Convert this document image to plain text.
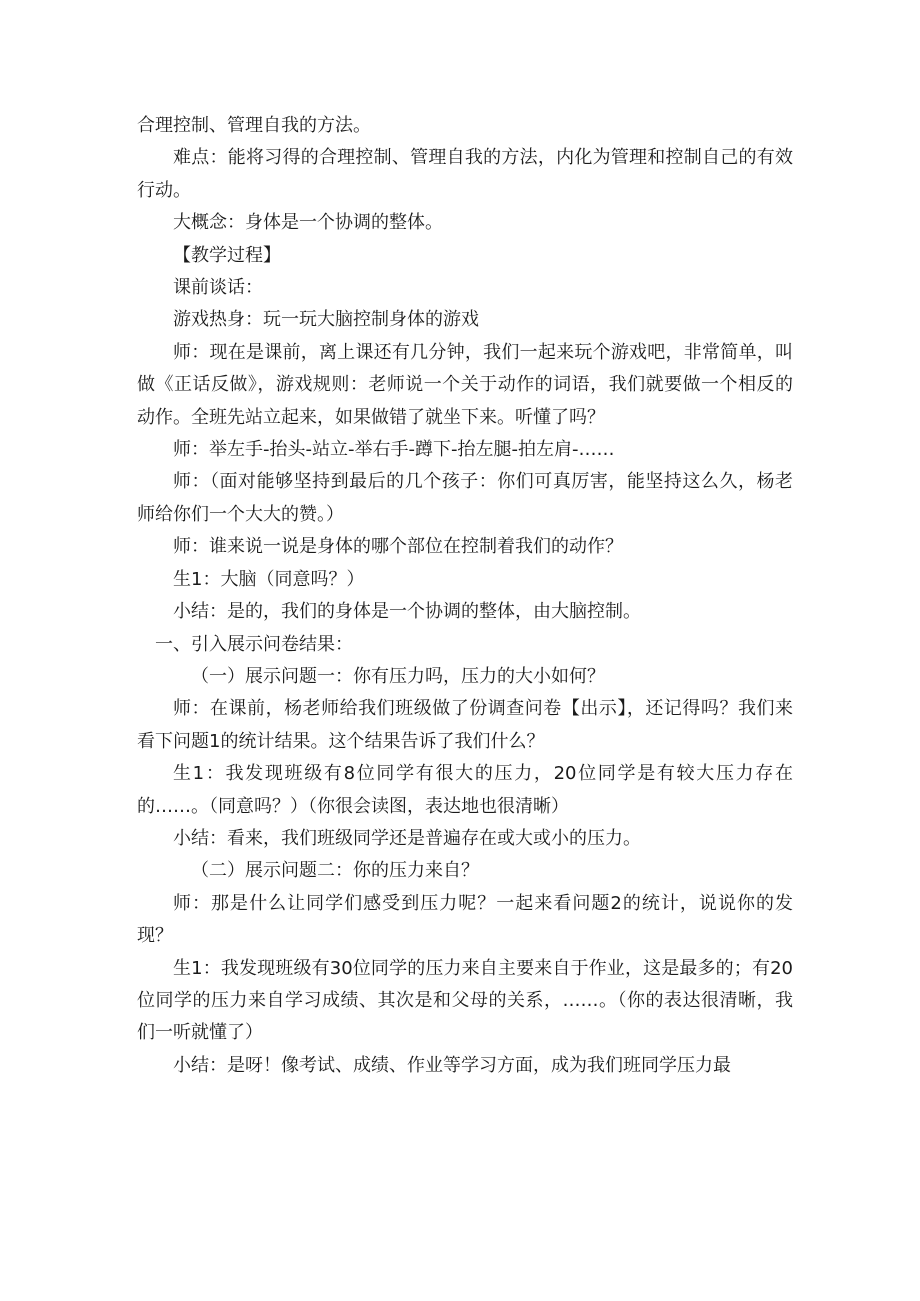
合理控制、管理自我的方法。

难点：能将习得的合理控制、管理自我的方法，内化为管理和控制自己的有效行动。

大概念：身体是一个协调的整体。

【教学过程】

课前谈话：

游戏热身：玩一玩大脑控制身体的游戏

师：现在是课前，离上课还有几分钟，我们一起来玩个游戏吧，非常简单，叫做《正话反做》，游戏规则：老师说一个关于动作的词语，我们就要做一个相反的动作。全班先站立起来，如果做错了就坐下来。听懂了吗？

师：举左手-抬头-站立-举右手-蹲下-抬左腿-拍左肩-……

师：（面对能够坚持到最后的几个孩子：你们可真厉害，能坚持这么久，杨老师给你们一个大大的赞。）

师：谁来说一说是身体的哪个部位在控制着我们的动作？

生1：大脑（同意吗？）

小结：是的，我们的身体是一个协调的整体，由大脑控制。

一、引入展示问卷结果：

（一）展示问题一：你有压力吗，压力的大小如何？

师：在课前，杨老师给我们班级做了份调查问卷【出示】，还记得吗？我们来看下问题1的统计结果。这个结果告诉了我们什么？

生1：我发现班级有8位同学有很大的压力，20位同学是有较大压力存在的……。（同意吗？）（你很会读图，表达地也很清晰）

小结：看来，我们班级同学还是普遍存在或大或小的压力。

（二）展示问题二：你的压力来自？

师：那是什么让同学们感受到压力呢？一起来看问题2的统计，说说你的发现？

生1：我发现班级有30位同学的压力来自主要来自于作业，这是最多的；有20位同学的压力来自学习成绩、其次是和父母的关系，……。（你的表达很清晰，我们一听就懂了）

小结：是呀！像考试、成绩、作业等学习方面，成为我们班同学压力最
